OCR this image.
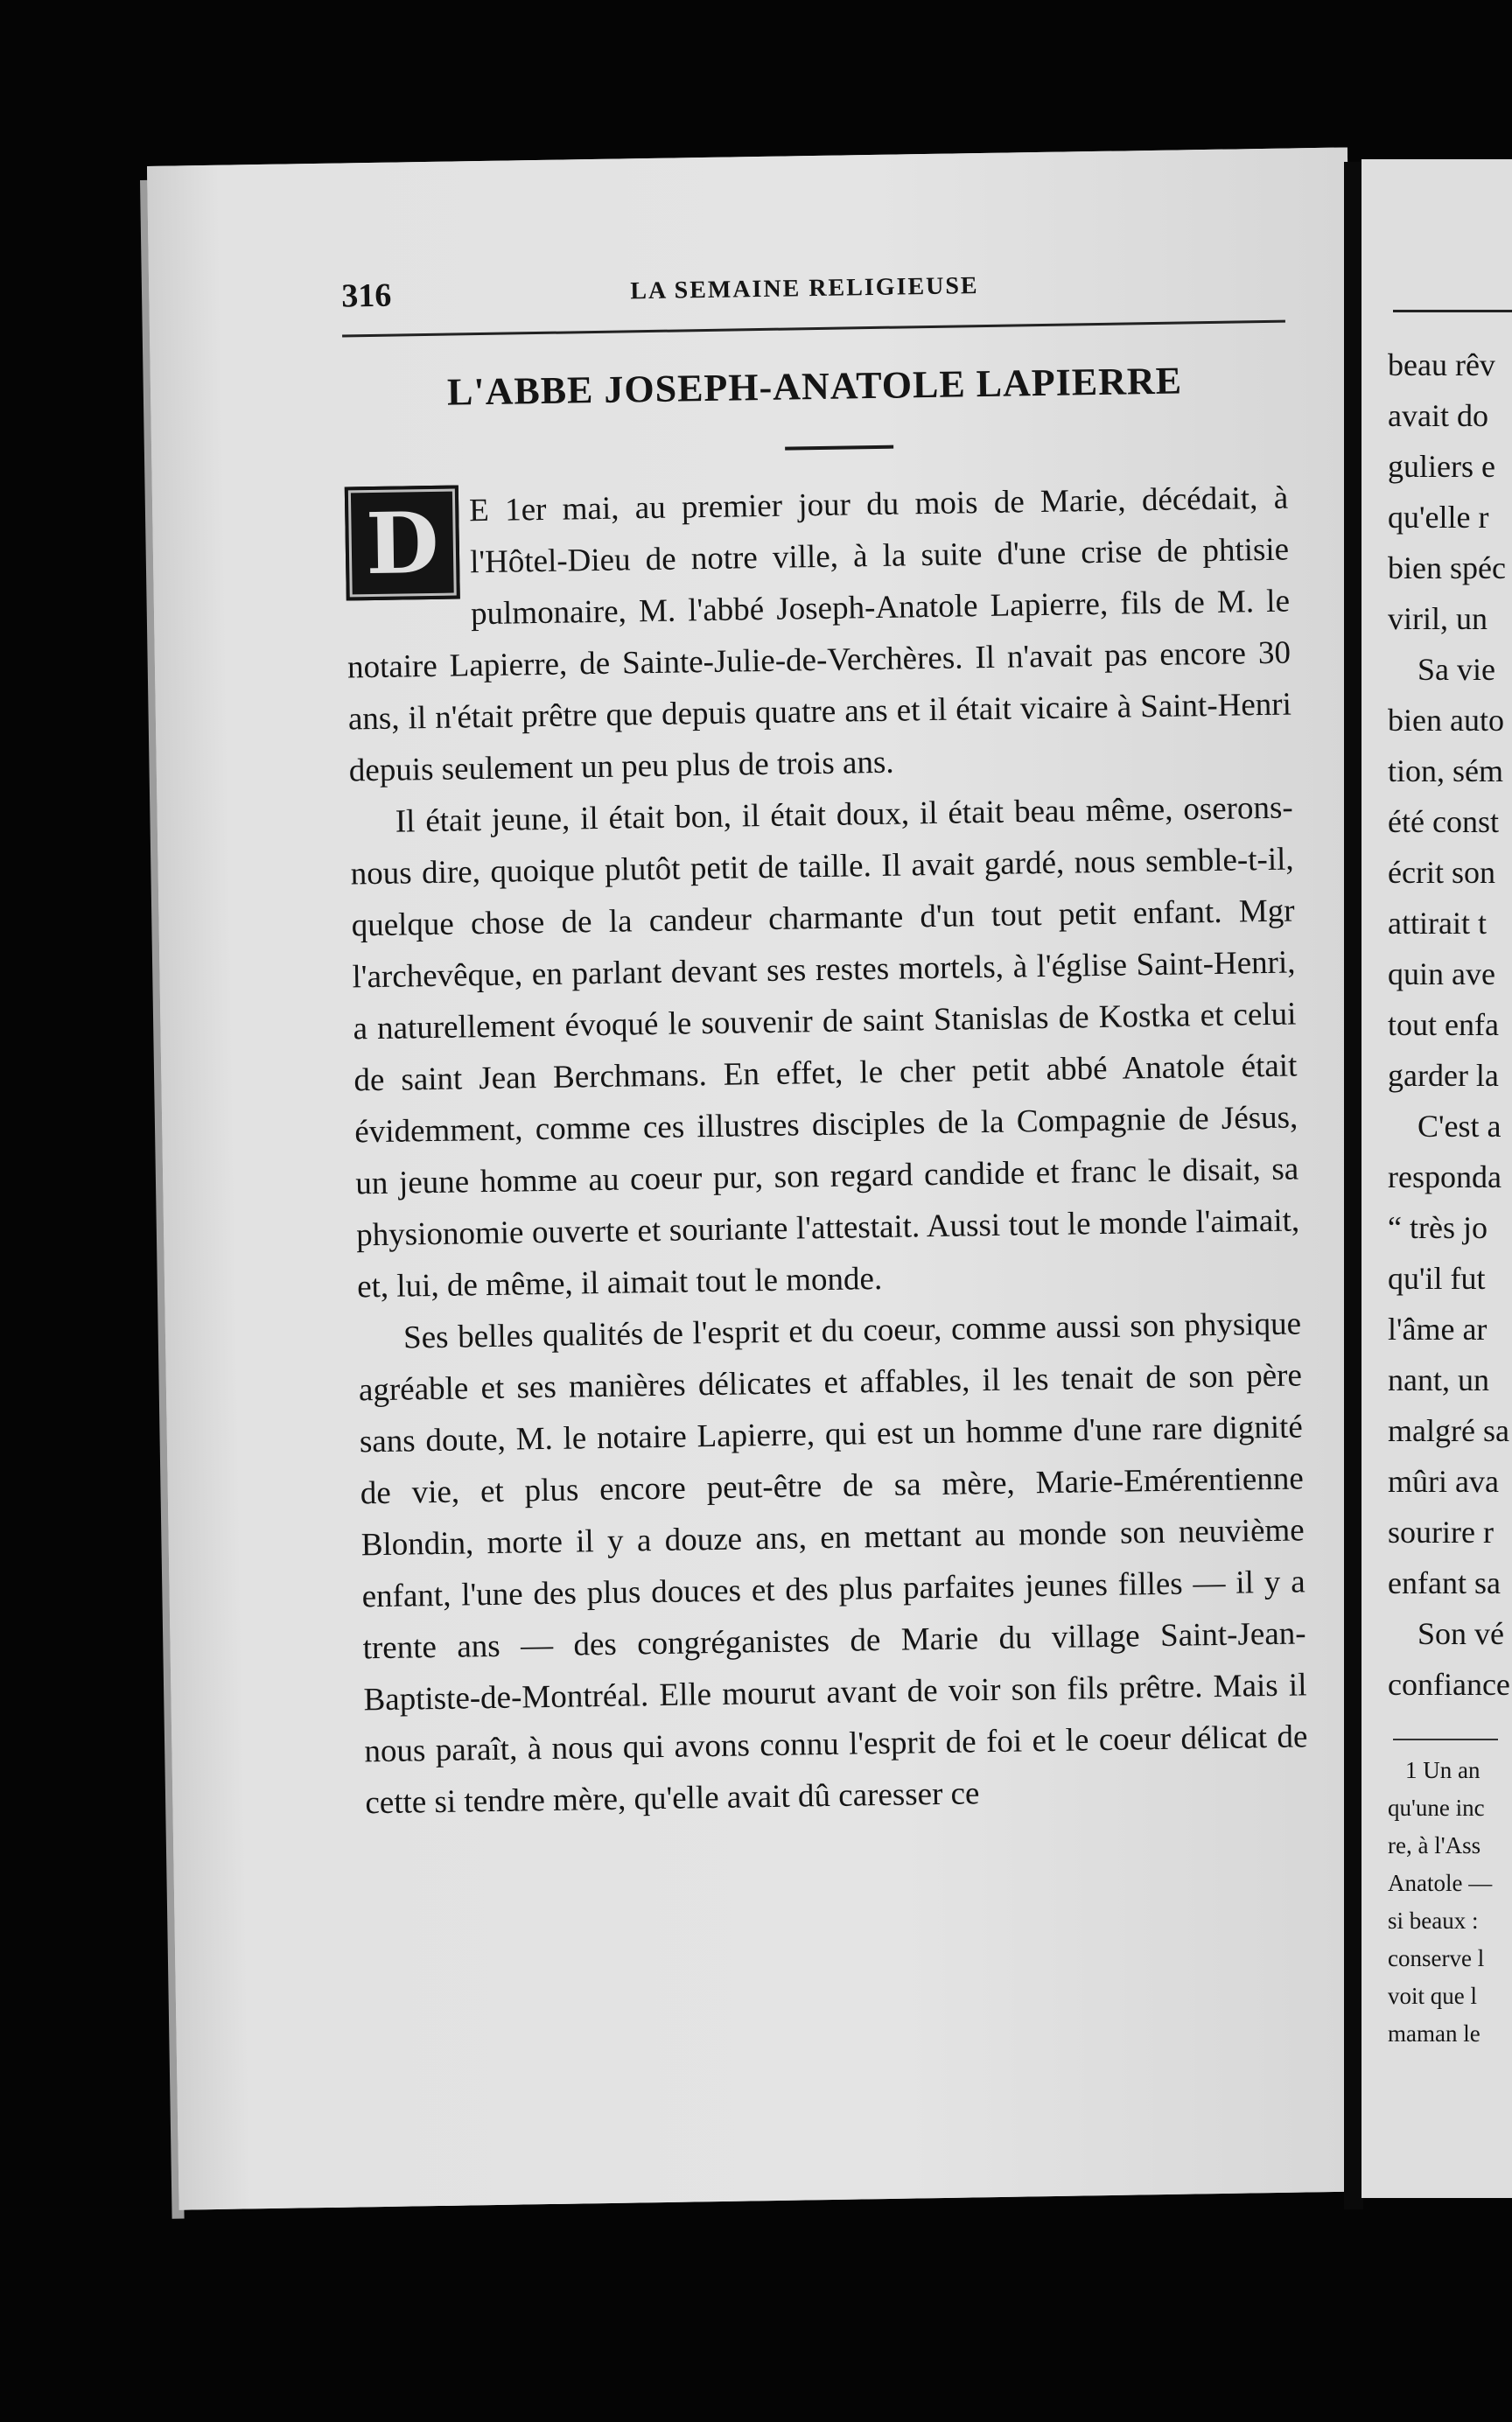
316	LA SEMAINE RELIGIEUSE
L'ABBE JOSEPH-ANATOLE LAPIERRE

D E 1er mai, au premier jour du mois de Marie, décédait, à l'Hôtel-Dieu de notre ville, à la suite d'une crise de phtisie pulmonaire, M. l'abbé Joseph-Anatole Lapierre, fils de M. le notaire Lapierre, de Sainte-Julie-de-Verchères. Il n'avait pas encore 30 ans, il n'était prêtre que depuis quatre ans et il était vicaire à Saint-Henri depuis seulement un peu plus de trois ans.

Il était jeune, il était bon, il était doux, il était beau même, oserons-nous dire, quoique plutôt petit de taille. Il avait gardé, nous semble-t-il, quelque chose de la candeur charmante d'un tout petit enfant. Mgr l'archevêque, en parlant devant ses restes mortels, à l'église Saint-Henri, a naturellement évoqué le souvenir de saint Stanislas de Kostka et celui de saint Jean Berchmans. En effet, le cher petit abbé Anatole était évidemment, comme ces illustres disciples de la Compagnie de Jésus, un jeune homme au coeur pur, son regard candide et franc le disait, sa physionomie ouverte et souriante l'attestait. Aussi tout le monde l'aimait, et, lui, de même, il aimait tout le monde.

Ses belles qualités de l'esprit et du coeur, comme aussi son physique agréable et ses manières délicates et affables, il les tenait de son père sans doute, M. le notaire Lapierre, qui est un homme d'une rare dignité de vie, et plus encore peut-être de sa mère, Marie-Emérentienne Blondin, morte il y a douze ans, en mettant au monde son neuvième enfant, l'une des plus douces et des plus parfaites jeunes filles — il y a trente ans — des congréganistes de Marie du village Saint-Jean-Baptiste-de-Montréal. Elle mourut avant de voir son fils prêtre. Mais il nous paraît, à nous qui avons connu l'esprit de foi et le coeur délicat de cette si tendre mère, qu'elle avait dû caresser ce

beau rêv
avait do
guliers e
qu'elle r
bien spéc
viril, un
Sa vie
bien auto
tion, sém
été const
écrit son
attirait t
quin ave
tout enfa
garder la
C'est a
responda
“ très jo
qu'il fut
l'âme ar
nant, un
malgré sa
mûri ava
sourire r
enfant sa
Son vé
confiance
1 Un an
qu'une inc
re, à l'Ass
Anatole —
si beaux :
conserve l
voit que l
maman le
